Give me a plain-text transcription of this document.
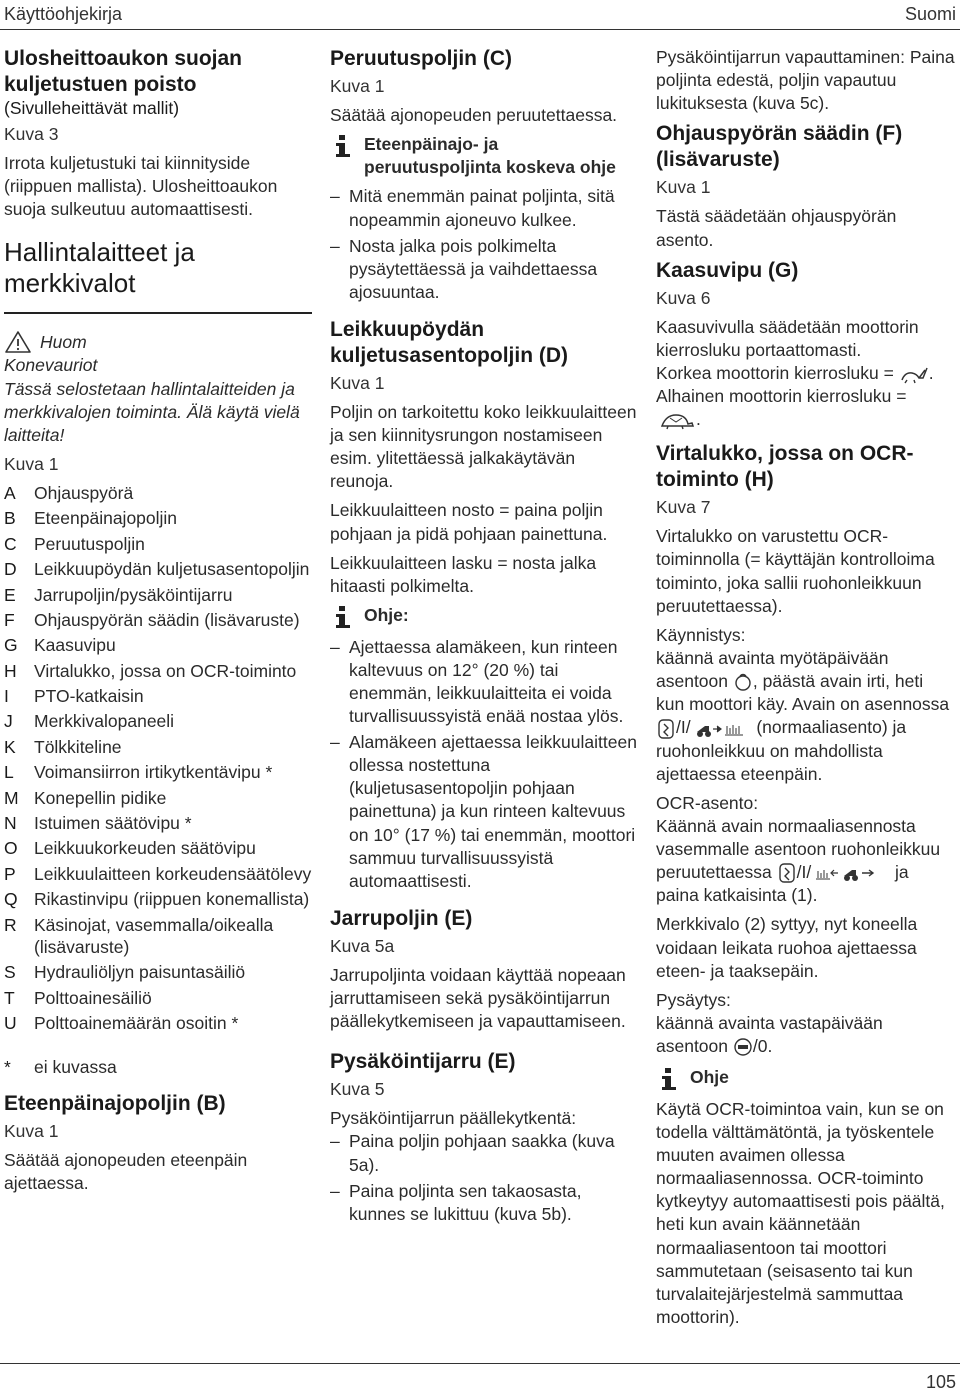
Käyttöohjekirja	Suomi
Ulosheittoaukon suojan kuljetustuen poisto
(Sivulleheittävät mallit)
Kuva 3

Irrota kuljetustuki tai kiinnityside (riippuen mallista). Ulosheittoaukon suoja sulkeutuu automaattisesti.

Hallintalaitteet ja merkkivalot
Huom
Konevauriot
Tässä selostetaan hallintalaitteiden ja merkkivalojen toiminta. Älä käytä vielä laitteita!
Kuva 1
A	Ohjauspyörä
B	Eteenpäinajopoljin
C Peruutuspoljin
D Leikkuupöydän kuljetusasentopoljin
E	Jarrupoljin/pysäköintijarru
F	Ohjauspyörän säädin (lisävaruste)
G Kaasuvipu
H Virtalukko, jossa on OCR-toiminto
I	PTO-katkaisin
J	Merkkivalopaneeli
K	Tölkkiteline
L	Voimansiirron irtikytkentävipu *
M Konepellin pidike
N Istuimen säätövipu *
O Leikkuukorkeuden säätövipu
P	Leikkuulaitteen korkeudensäätölevy
Q Rikastinvipu (riippuen konemallista)
R Käsinojat, vasemmalla/oikealla (lisävaruste)
S	Hydrauliöljyn paisuntasäiliö
T	Polttoainesäiliö
U Polttoainemäärän osoitin *
*	ei kuvassa
Eteenpäinajopoljin (B)
Kuva 1

Säätää ajonopeuden eteenpäin ajettaessa.

Peruutuspoljin (C)
Kuva 1

Säätää ajonopeuden peruutettaessa.

Eteenpäinajo- ja peruutuspoljinta koskeva ohje
– Mitä enemmän painat poljinta, sitä nopeammin ajoneuvo kulkee.
– Nosta jalka pois polkimelta pysäytettäessä ja vaihdettaessa ajosuuntaa.
Leikkuupöydän kuljetusasentopoljin (D)
Kuva 1

Poljin on tarkoitettu koko leikkuulaitteen ja sen kiinnitysrungon nostamiseen esim. ylitettäessä jalkakäytävän reunoja.

Leikkuulaitteen nosto = paina poljin pohjaan ja pidä pohjaan painettuna.

Leikkuulaitteen lasku = nosta jalka hitaasti polkimelta.

Ohje:
– Ajettaessa alamäkeen, kun rinteen kaltevuus on 12° (20 %) tai enemmän, leikkuulaitteita ei voida turvallisuussyistä enää nostaa ylös.
– Alamäkeen ajettaessa leikkuulaitteen ollessa nostettuna (kuljetusasentopoljin pohjaan painettuna) ja kun rinteen kaltevuus on 10° (17 %) tai enemmän, moottori sammuu turvallisuussyistä automaattisesti.
Jarrupoljin (E)
Kuva 5a

Jarrupoljinta voidaan käyttää nopeaan jarruttamiseen sekä pysäköintijarrun päällekytkemiseen ja vapauttamiseen.

Pysäköintijarru (E)
Kuva 5
Pysäköintijarrun päällekytkentä:
– Paina poljin pohjaan saakka (kuva 5a).
– Paina poljinta sen takaosasta, kunnes se lukittuu (kuva 5b).

Pysäköintijarrun vapauttaminen: Paina poljinta edestä, poljin vapautuu lukituksesta (kuva 5c).

Ohjauspyörän säädin (F) (lisävaruste)
Kuva 1

Tästä säädetään ohjauspyörän asento.

Kaasuvipu (G)
Kuva 6
Kaasuvivulla säädetään moottorin kierrosluku portaattomasti.
Korkea moottorin kierrosluku = .
Alhainen moottorin kierrosluku =
.
Virtalukko, jossa on OCR-toiminto (H)
Kuva 7

Virtalukko on varustettu OCR-toiminnolla (= käyttäjän kontrolloima toiminto, joka sallii ruohonleikkuun peruutettaessa).

Käynnistys:
käännä avainta myötäpäivään asentoon , päästä avain irti, heti kun moottori käy. Avain on asennossa /I/	(normaaliasento) ja ruohonleikkuu on mahdollista ajettaessa eteenpäin.
OCR-asento:
Käännä avain normaaliasennosta vasemmalle asentoon ruohonleikkuu peruutettaessa /I/	ja paina katkaisinta (1).

Merkkivalo (2) syttyy, nyt koneella voidaan leikata ruohoa ajettaessa eteen- ja taaksepäin.

Pysäytys:
käännä avainta vastapäivään asentoon /0.
Ohje

Käytä OCR-toimintoa vain, kun se on todella välttämätöntä, ja työskentele muuten avaimen ollessa normaaliasennossa. OCR-toiminto kytkeytyy automaattisesti pois päältä, heti kun avain käännetään normaaliasentoon tai moottori sammutetaan (seisasento tai kun turvalaitejärjestelmä sammuttaa moottorin).

105
